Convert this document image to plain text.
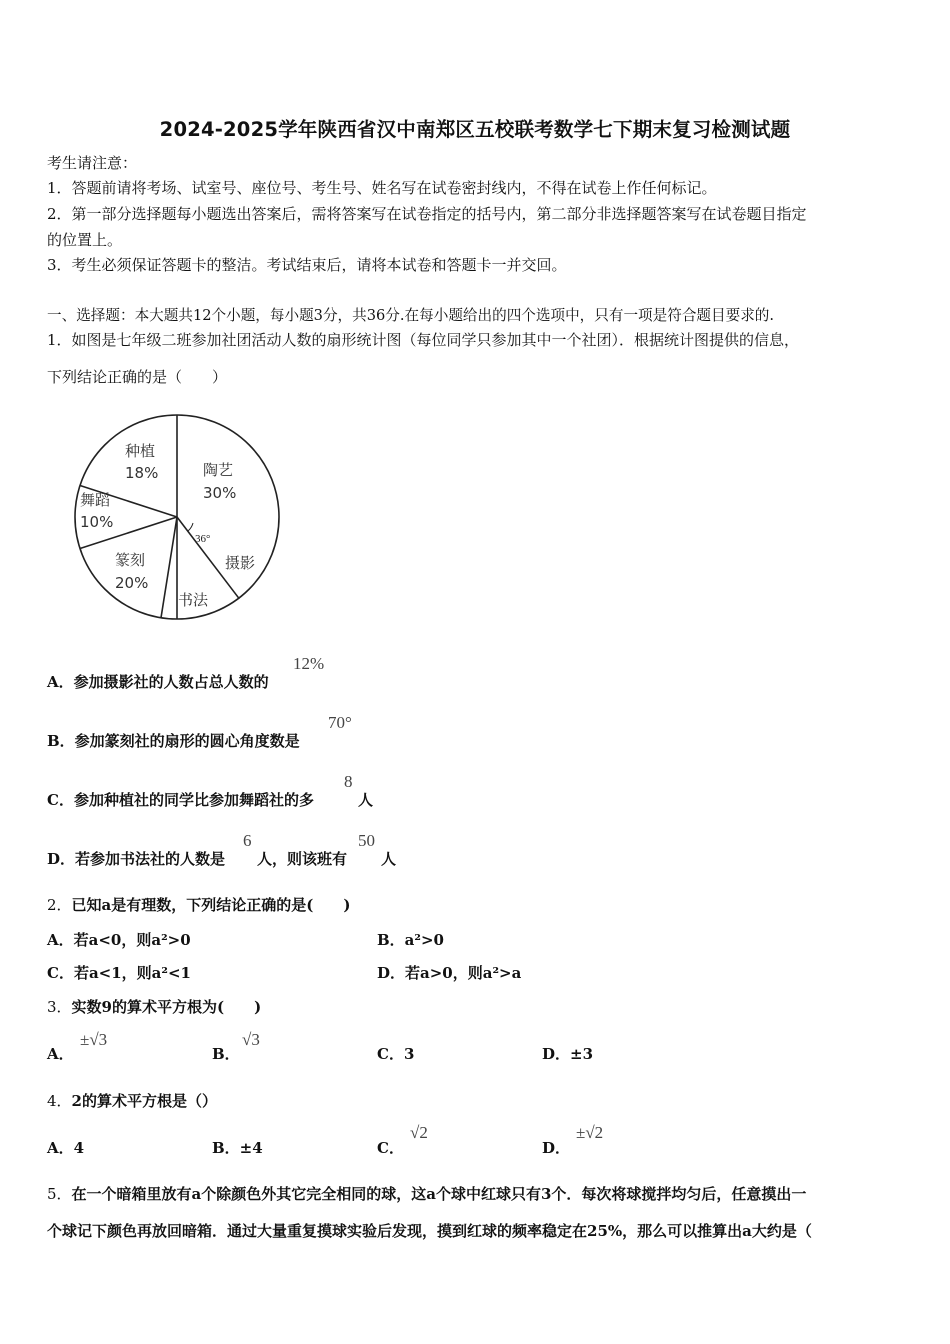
2024-2025学年陕西省汉中南郑区五校联考数学七下期末复习检测试题
考生请注意：
1．答题前请将考场、试室号、座位号、考生号、姓名写在试卷密封线内，不得在试卷上作任何标记。
2．第一部分选择题每小题选出答案后，需将答案写在试卷指定的括号内，第二部分非选择题答案写在试卷题目指定
的位置上。
3．考生必须保证答题卡的整洁。考试结束后，请将本试卷和答题卡一并交回。
一、选择题：本大题共12个小题，每小题3分，共36分.在每小题给出的四个选项中，只有一项是符合题目要求的.
1．如图是七年级二班参加社团活动人数的扇形统计图（每位同学只参加其中一个社团）．根据统计图提供的信息，
下列结论正确的是（　　）
36°
陶艺
30%
种植
18%
舞蹈
10%
篆刻
20%
书法
摄影
A．参加摄影社的人数占总人数的
12%
B．参加篆刻社的扇形的圆心角度数是
70°
C．参加种植社的同学比参加舞蹈社的多
8
人
D．若参加书法社的人数是
6
人，则该班有
50
人
2．已知a是有理数，下列结论正确的是(　　)
A．若a<0，则a²>0	B．a²>0
C．若a<1，则a²<1	D．若a>0，则a²>a
3．实数9的算术平方根为(　　)
A．
±√3
B．
√3
C．3	D．±3
4．2的算术平方根是（）
A．4	B．±4	C．
√2
D．
±√2
5．在一个暗箱里放有a个除颜色外其它完全相同的球，这a个球中红球只有3个．每次将球搅拌均匀后，任意摸出一
个球记下颜色再放回暗箱．通过大量重复摸球实验后发现，摸到红球的频率稳定在25%，那么可以推算出a大约是（
